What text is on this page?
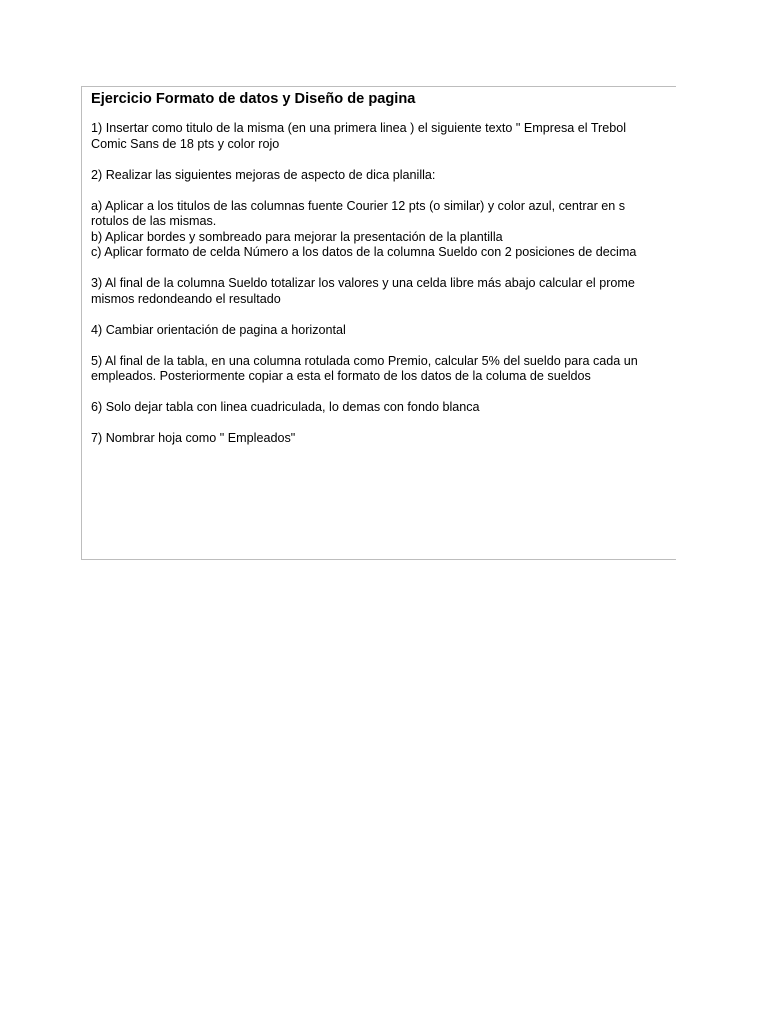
Ejercicio Formato de datos y Diseño de pagina
1) Insertar como titulo de la misma (en una primera linea ) el siguiente texto " Empresa el Trebol
Comic Sans de 18 pts y color rojo
2) Realizar las siguientes mejoras de aspecto de dica planilla:
a) Aplicar a los titulos de las columnas fuente Courier 12 pts (o similar) y color azul, centrar en s
rotulos de las mismas.
b) Aplicar bordes y sombreado para mejorar la presentación de la plantilla
c) Aplicar formato de celda Número a los datos de la columna Sueldo con 2 posiciones de decima
3) Al final de la columna Sueldo totalizar los valores y una celda libre más abajo calcular el prome
mismos redondeando el resultado
4) Cambiar orientación de pagina a horizontal
5) Al final de la tabla, en una columna rotulada como Premio, calcular 5% del sueldo para cada un
empleados. Posteriormente copiar a esta el formato de los datos de la columa de sueldos
6) Solo dejar tabla con linea cuadriculada, lo demas con fondo blanca
7) Nombrar hoja como " Empleados"
